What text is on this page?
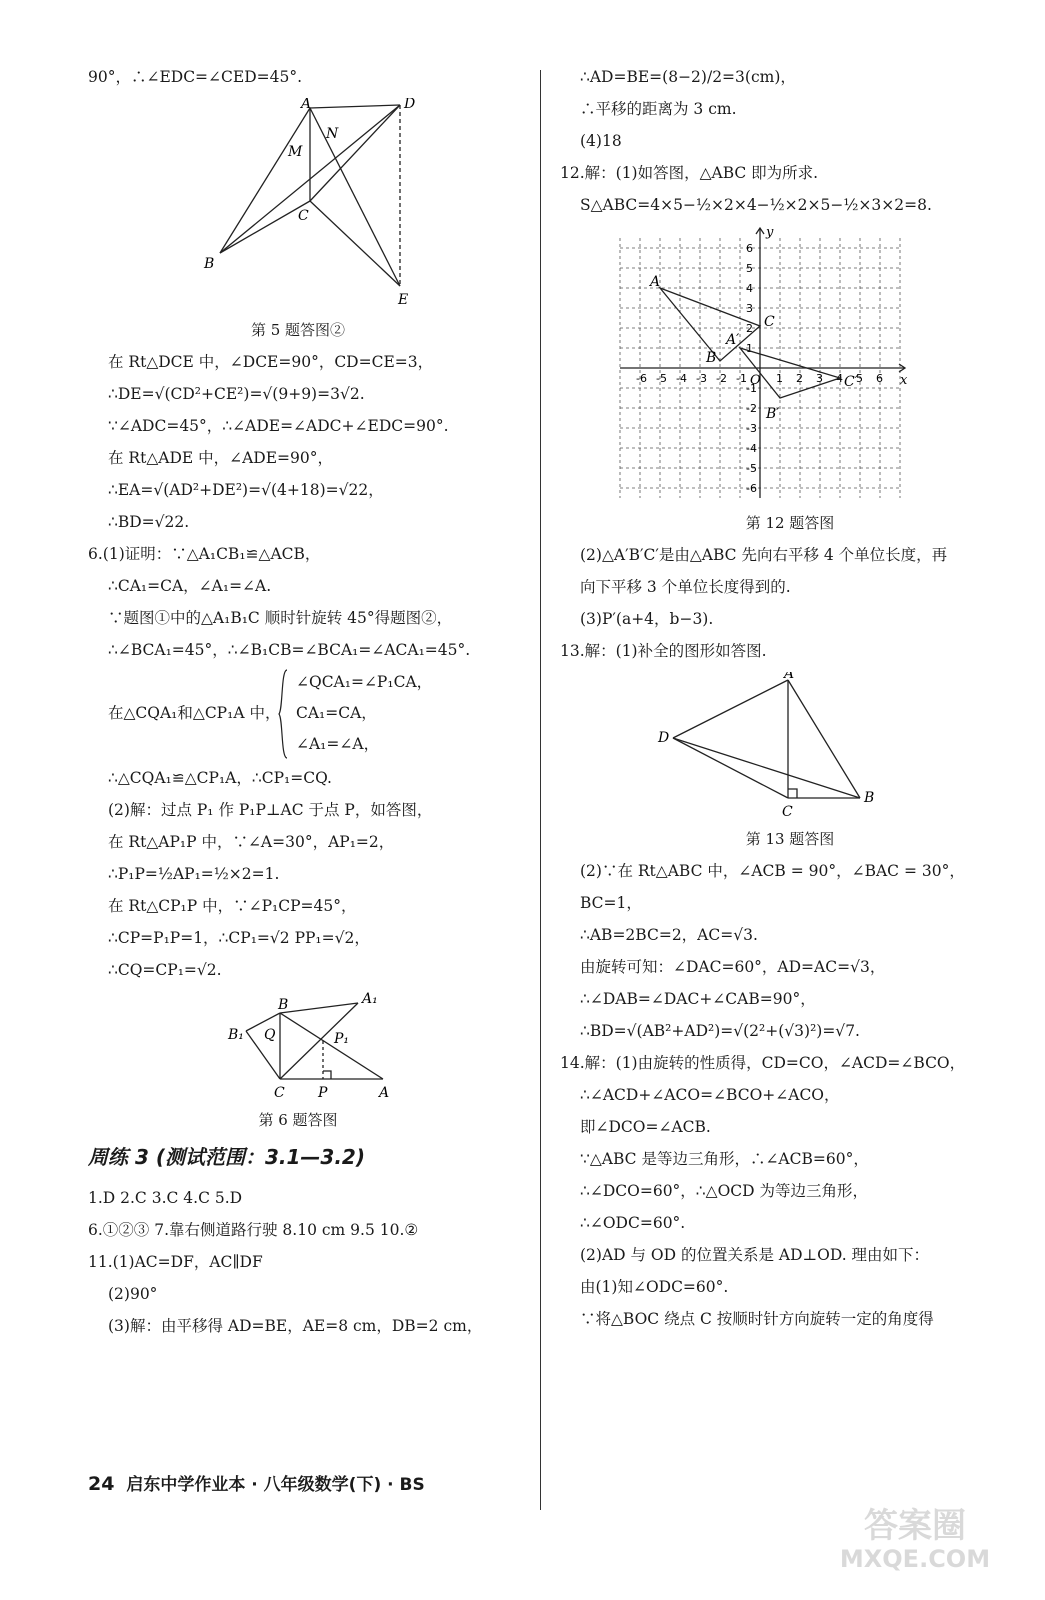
90°，∴∠EDC=∠CED=45°.

A	D
M
N
B
C
E
第 5 题答图②

在 Rt△DCE 中，∠DCE=90°，CD=CE=3，

∴DE=√(CD²+CE²)=√(9+9)=3√2.

∵∠ADC=45°，∴∠ADE=∠ADC+∠EDC=90°.

在 Rt△ADE 中，∠ADE=90°，

∴EA=√(AD²+DE²)=√(4+18)=√22，

∴BD=√22.

6.(1)证明：∵△A₁CB₁≌△ACB，

∴CA₁=CA，∠A₁=∠A.

∵题图①中的△A₁B₁C 顺时针旋转 45°得题图②，

∴∠BCA₁=45°，∴∠B₁CB=∠BCA₁=∠ACA₁=45°.

在△CQA₁和△CP₁A 中，
∠QCA₁=∠P₁CA，
CA₁=CA，
∠A₁=∠A，

∴△CQA₁≌△CP₁A，∴CP₁=CQ.

(2)解：过点 P₁ 作 P₁P⊥AC 于点 P，如答图，

在 Rt△AP₁P 中，∵∠A=30°，AP₁=2，

∴P₁P=½AP₁=½×2=1.

在 Rt△CP₁P 中，∵∠P₁CP=45°，

∴CP=P₁P=1，∴CP₁=√2 PP₁=√2，

∴CQ=CP₁=√2.

B	A₁
B₁ Q	P₁
C P	A
第 6 题答图
周练 3 (测试范围：3.1—3.2)

1.D 2.C 3.C 4.C 5.D

6.①②③ 7.靠右侧道路行驶 8.10 cm 9.5 10.②

11.(1)AC=DF，AC∥DF

(2)90°

(3)解：由平移得 AD=BE，AE=8 cm，DB=2 cm，

∴AD=BE=(8−2)/2=3(cm)，

∴平移的距离为 3 cm.

(4)18

12.解：(1)如答图，△ABC 即为所求.

S△ABC=4×5−½×2×4−½×2×5−½×3×2=8.

-6
-6
-5
-5
-4
-4
-3
-3
-2
-2
-1
-1
1
1
2
2
3
3
4
4
5
5
6
6
y
x
O
A
B
C
A′
B′
C′
第 12 题答图

(2)△A′B′C′是由△ABC 先向右平移 4 个单位长度，再

向下平移 3 个单位长度得到的.

(3)P′(a+4，b−3).

13.解：(1)补全的图形如答图.

A
D
C
B
第 13 题答图

(2)∵在 Rt△ABC 中，∠ACB = 90°，∠BAC = 30°，

BC=1，

∴AB=2BC=2，AC=√3.

由旋转可知：∠DAC=60°，AD=AC=√3，

∴∠DAB=∠DAC+∠CAB=90°，

∴BD=√(AB²+AD²)=√(2²+(√3)²)=√7.

14.解：(1)由旋转的性质得，CD=CO，∠ACD=∠BCO，

∴∠ACD+∠ACO=∠BCO+∠ACO，

即∠DCO=∠ACB.

∵△ABC 是等边三角形，∴∠ACB=60°，

∴∠DCO=60°，∴△OCD 为等边三角形，

∴∠ODC=60°.

(2)AD 与 OD 的位置关系是 AD⊥OD. 理由如下：

由(1)知∠ODC=60°.

∵将△BOC 绕点 C 按顺时针方向旋转一定的角度得

24 启东中学作业本 · 八年级数学(下) · BS
答案圈
MXQE.COM
